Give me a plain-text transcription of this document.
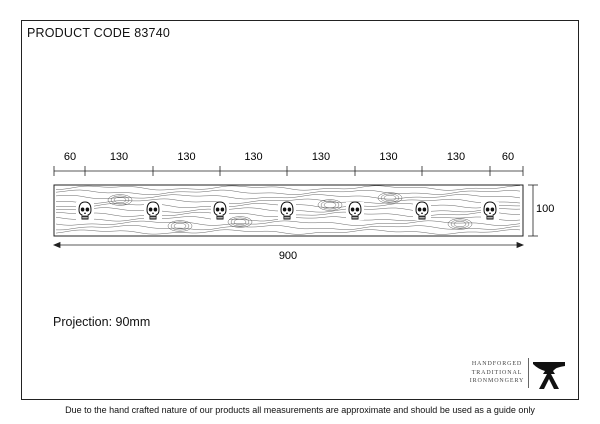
PRODUCT CODE 83740
60	130	130	130	130	130	130	60
100
900
Projection: 90mm
HANDFORGED
TRADITIONAL
IRONMONGERY
Due to the hand crafted nature of our products all measurements are approximate and should be used as a guide only
